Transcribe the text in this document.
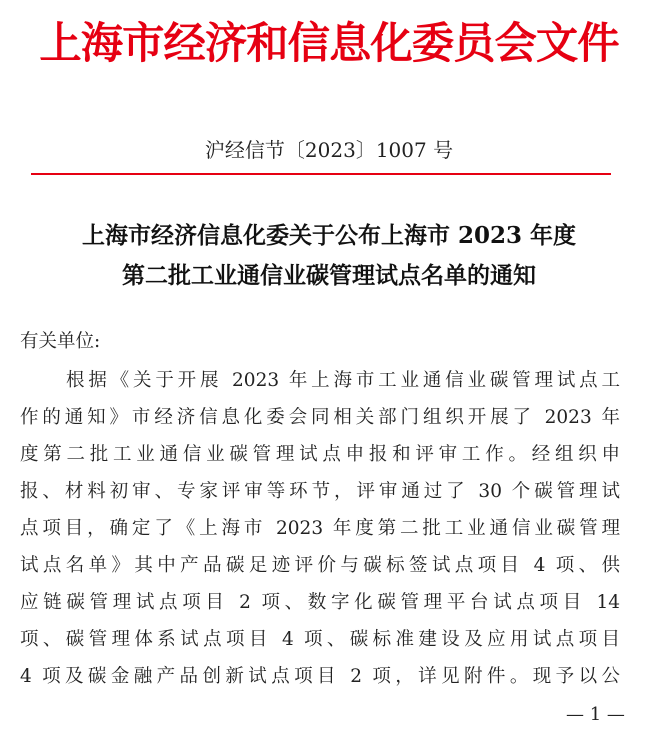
上海市经济和信息化委员会文件
沪经信节〔2023〕1007 号
上海市经济信息化委关于公布上海市 2023 年度
第二批工业通信业碳管理试点名单的通知
有关单位:
根据《关于开展 2023 年上海市工业通信业碳管理试点工
作的通知》市经济信息化委会同相关部门组织开展了 2023 年
度第二批工业通信业碳管理试点申报和评审工作。经组织申
报、材料初审、专家评审等环节，评审通过了 30 个碳管理试
点项目，确定了《上海市 2023 年度第二批工业通信业碳管理
试点名单》其中产品碳足迹评价与碳标签试点项目 4 项、供
应链碳管理试点项目 2 项、数字化碳管理平台试点项目 14
项、碳管理体系试点项目 4 项、碳标准建设及应用试点项目
4 项及碳金融产品创新试点项目 2 项，详见附件。现予以公
— 1 —
